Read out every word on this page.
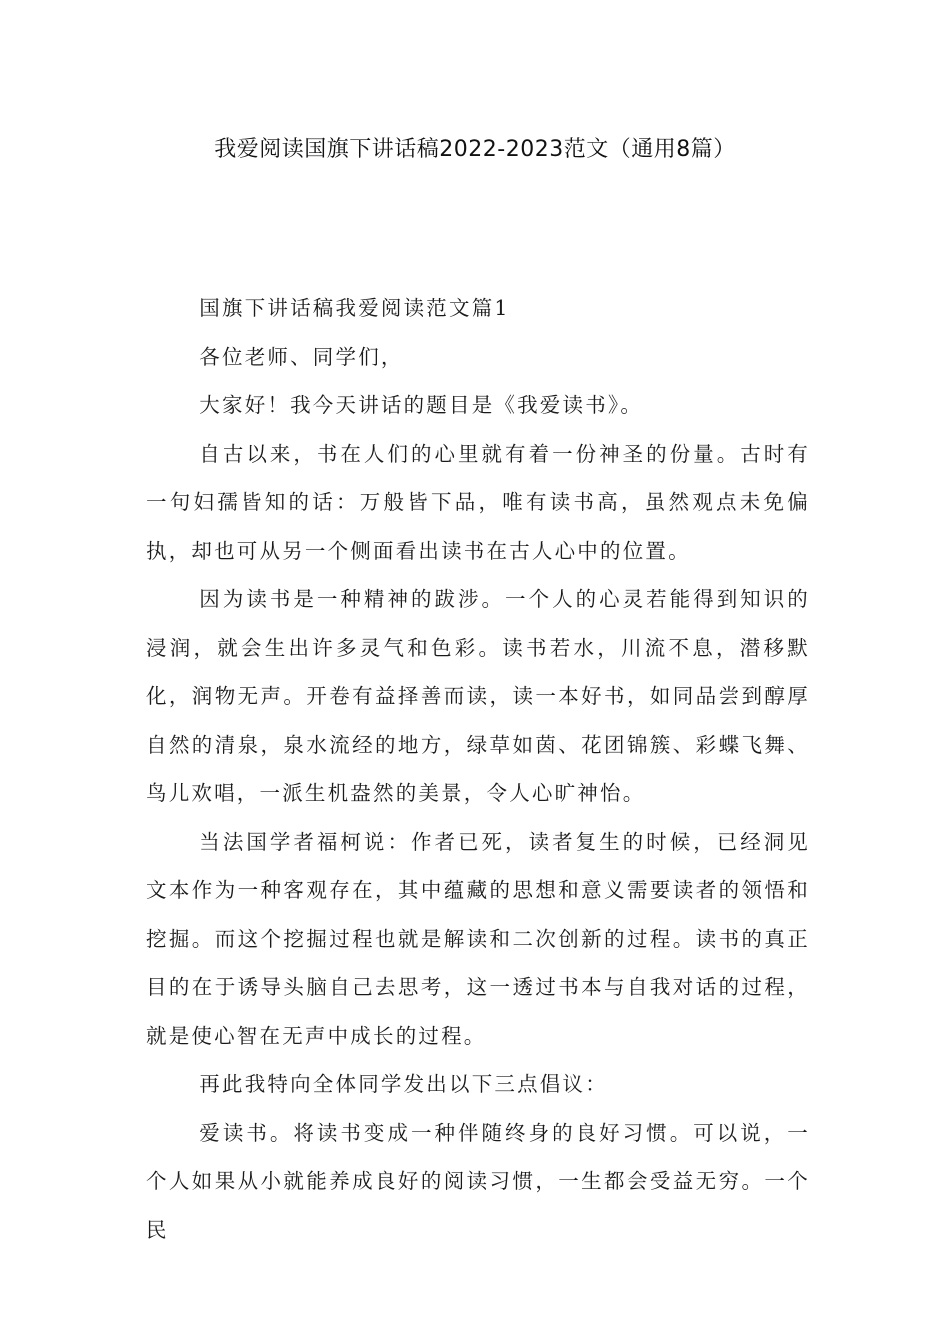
我爱阅读国旗下讲话稿2022-2023范文（通用8篇）

国旗下讲话稿我爱阅读范文篇1

各位老师、同学们，

大家好！我今天讲话的题目是《我爱读书》。

自古以来，书在人们的心里就有着一份神圣的份量。古时有一句妇孺皆知的话：万般皆下品，唯有读书高，虽然观点未免偏执，却也可从另一个侧面看出读书在古人心中的位置。

因为读书是一种精神的跋涉。一个人的心灵若能得到知识的浸润，就会生出许多灵气和色彩。读书若水，川流不息，潜移默化，润物无声。开卷有益择善而读，读一本好书，如同品尝到醇厚自然的清泉，泉水流经的地方，绿草如茵、花团锦簇、彩蝶飞舞、鸟儿欢唱，一派生机盎然的美景，令人心旷神怡。

当法国学者福柯说：作者已死，读者复生的时候，已经洞见文本作为一种客观存在，其中蕴藏的思想和意义需要读者的领悟和挖掘。而这个挖掘过程也就是解读和二次创新的过程。读书的真正目的在于诱导头脑自己去思考，这一透过书本与自我对话的过程，就是使心智在无声中成长的过程。

再此我特向全体同学发出以下三点倡议：

爱读书。将读书变成一种伴随终身的良好习惯。可以说，一个人如果从小就能养成良好的阅读习惯，一生都会受益无穷。一个民
